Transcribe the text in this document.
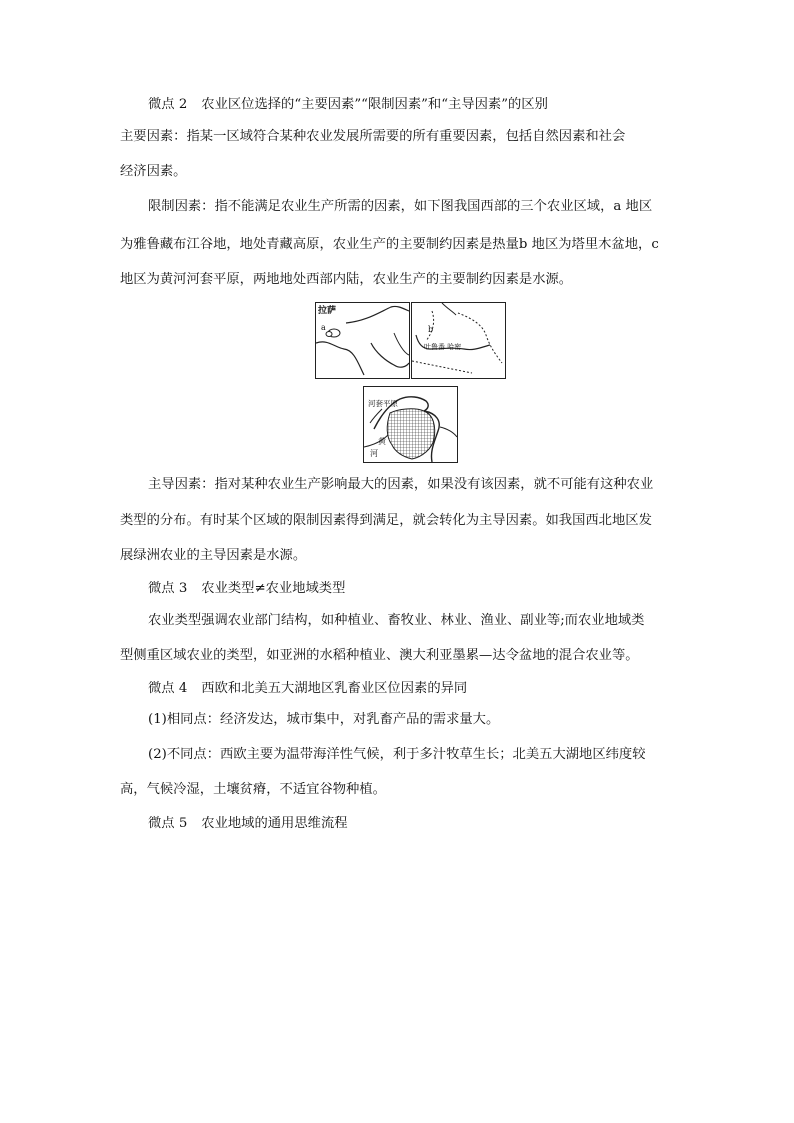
微点 2 农业区位选择的“主要因素”“限制因素”和“主导因素”的区别
主要因素：指某一区域符合某种农业发展所需要的所有重要因素，包括自然因素和社会
经济因素。
限制因素：指不能满足农业生产所需的因素，如下图我国西部的三个农业区域，a 地区
为雅鲁藏布江谷地，地处青藏高原，农业生产的主要制约因素是热量b 地区为塔里木盆地，c
地区为黄河河套平原，两地地处西部内陆，农业生产的主要制约因素是水源。
拉萨
a	b
吐鲁番 哈密
河套平原
黄
河
主导因素：指对某种农业生产影响最大的因素，如果没有该因素，就不可能有这种农业
类型的分布。有时某个区域的限制因素得到满足，就会转化为主导因素。如我国西北地区发
展绿洲农业的主导因素是水源。
微点 3 农业类型≠农业地域类型
农业类型强调农业部门结构，如种植业、畜牧业、林业、渔业、副业等;而农业地域类
型侧重区域农业的类型，如亚洲的水稻种植业、澳大利亚墨累—达令盆地的混合农业等。
微点 4 西欧和北美五大湖地区乳畜业区位因素的异同
(1)相同点：经济发达，城市集中，对乳畜产品的需求量大。
(2)不同点：西欧主要为温带海洋性气候，利于多汁牧草生长；北美五大湖地区纬度较
高，气候冷湿，土壤贫瘠，不适宜谷物种植。
微点 5 农业地域的通用思维流程
